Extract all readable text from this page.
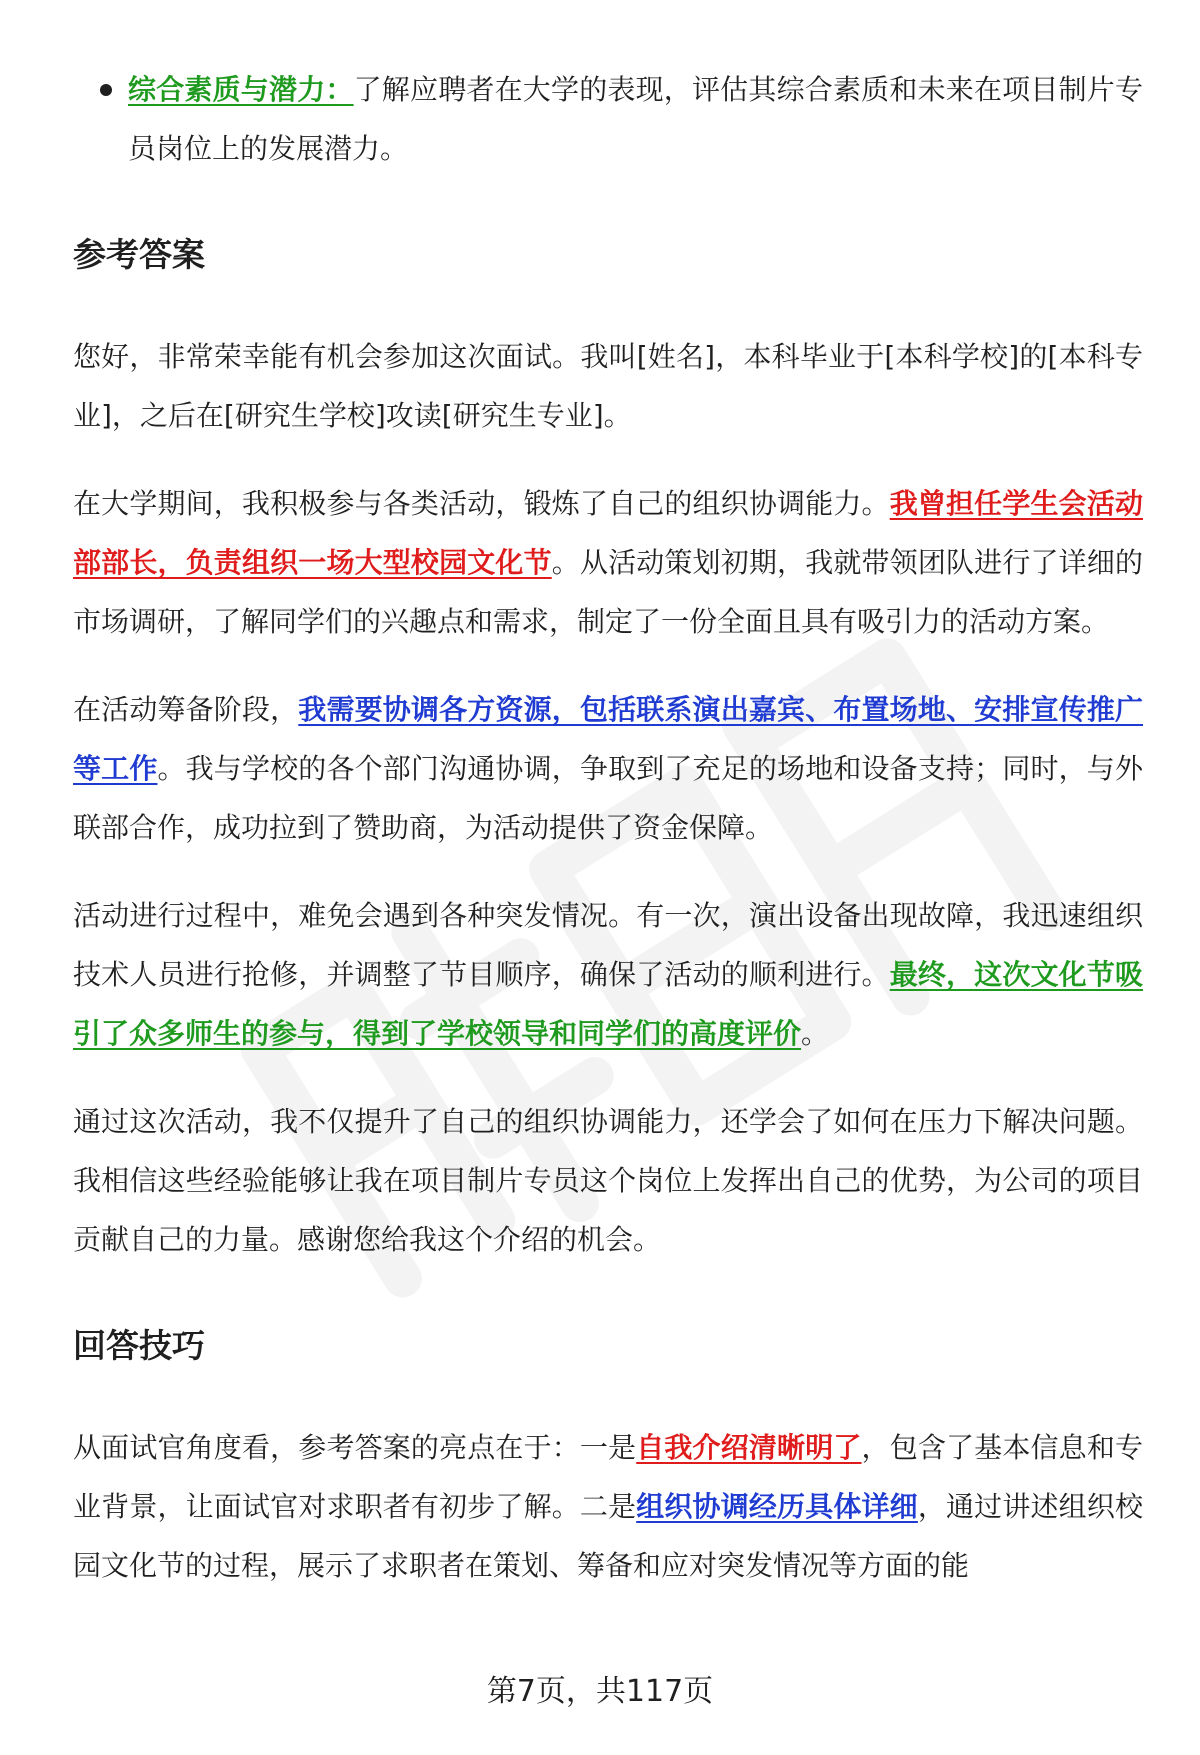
综合素质与潜力：了解应聘者在大学的表现，评估其综合素质和未来在项目制片专员岗位上的发展潜力。

参考答案

您好，非常荣幸能有机会参加这次面试。我叫[姓名]，本科毕业于[本科学校]的[本科专业]，之后在[研究生学校]攻读[研究生专业]。

在大学期间，我积极参与各类活动，锻炼了自己的组织协调能力。我曾担任学生会活动部部长，负责组织一场大型校园文化节。从活动策划初期，我就带领团队进行了详细的市场调研，了解同学们的兴趣点和需求，制定了一份全面且具有吸引力的活动方案。

在活动筹备阶段，我需要协调各方资源，包括联系演出嘉宾、布置场地、安排宣传推广等工作。我与学校的各个部门沟通协调，争取到了充足的场地和设备支持；同时，与外联部合作，成功拉到了赞助商，为活动提供了资金保障。

活动进行过程中，难免会遇到各种突发情况。有一次，演出设备出现故障，我迅速组织技术人员进行抢修，并调整了节目顺序，确保了活动的顺利进行。最终，这次文化节吸引了众多师生的参与，得到了学校领导和同学们的高度评价。

通过这次活动，我不仅提升了自己的组织协调能力，还学会了如何在压力下解决问题。我相信这些经验能够让我在项目制片专员这个岗位上发挥出自己的优势，为公司的项目贡献自己的力量。感谢您给我这个介绍的机会。

回答技巧

从面试官角度看，参考答案的亮点在于：一是自我介绍清晰明了，包含了基本信息和专业背景，让面试官对求职者有初步了解。二是组织协调经历具体详细，通过讲述组织校园文化节的过程，展示了求职者在策划、筹备和应对突发情况等方面的能

第7页，共117页
